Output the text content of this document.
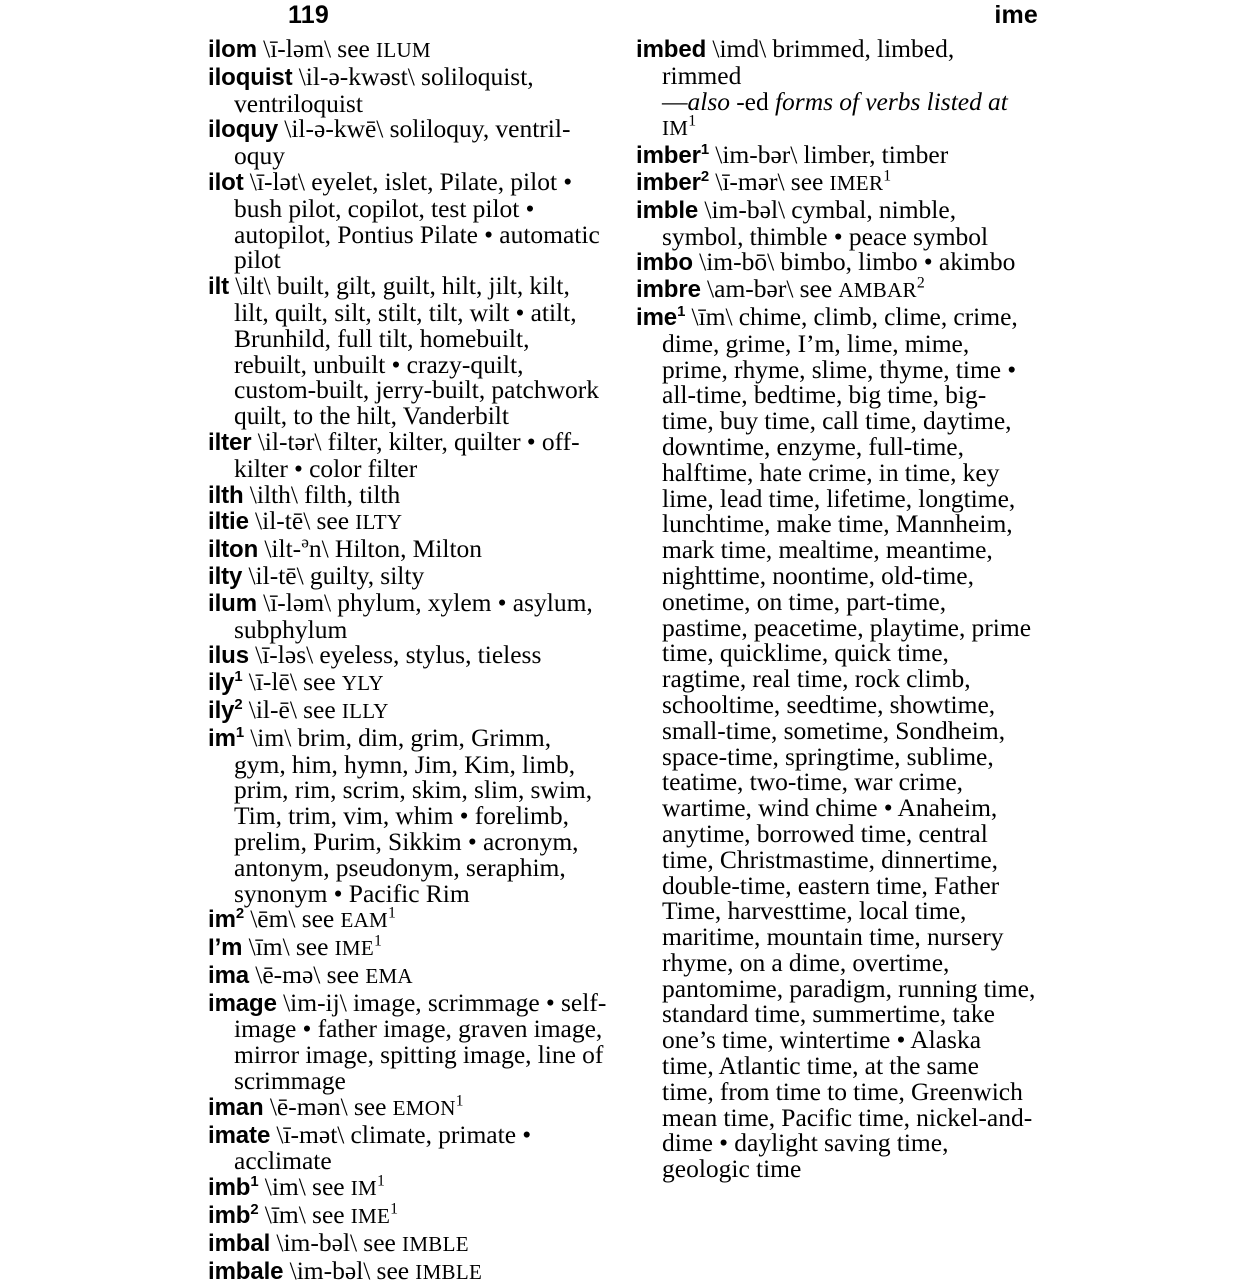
119	ime

ilom \ī-ləm\ see ILUM

iloquist \il-ə-kwəst\ soliloquist, ventriloquist

iloquy \il-ə-kwē\ soliloquy, ventril-oquy

ilot \ī-lət\ eyelet, islet, Pilate, pilot • bush pilot, copilot, test pilot • autopilot, Pontius Pilate • automatic pilot

ilt \ilt\ built, gilt, guilt, hilt, jilt, kilt, lilt, quilt, silt, stilt, tilt, wilt • atilt, Brunhild, full tilt, homebuilt, rebuilt, unbuilt • crazy-quilt, custom-built, jerry-built, patchwork quilt, to the hilt, Vanderbilt

ilter \il-tər\ filter, kilter, quilter • off-kilter • color filter

ilth \ilth\ filth, tilth

iltie \il-tē\ see ILTY

ilton \ilt-$^ə$n\ Hilton, Milton

ilty \il-tē\ guilty, silty

ilum \ī-ləm\ phylum, xylem • asylum, subphylum

ilus \ī-ləs\ eyeless, stylus, tieless

ily$^1$ \ī-lē\ see YLY

ily$^2$ \il-ē\ see ILLY

$im^1$ \im\ brim, dim, grim, Grimm, gym, him, hymn, Jim, Kim, limb, prim, rim, scrim, skim, slim, swim, Tim, trim, vim, whim • forelimb, prelim, Purim, Sikkim • acronym, antonym, pseudonym, seraphim, synonym • Pacific Rim

$im^2$ \ēm\ see EAM$^1$

I’m \īm\ see IME$^1$

ima \ē-mə\ see EMA

image \im-ij\ image, scrimmage • self-image • father image, graven image, mirror image, spitting image, line of scrimmage

iman \ē-mən\ see EMON$^1$

imate \ī-mət\ climate, primate • acclimate

imb$^1$ \im\ see $IM^1$

imb$^2$ \īm\ see IME$^1$

imbal \im-bəl\ see IMBLE

imbale \im-bəl\ see IMBLE

imbed \imd\ brimmed, limbed, rimmed
—also -ed forms of verbs listed at $IM^1$

imber$^1$ \im-bər\ limber, timber

imber$^2$ \ī-mər\ see IMER$^1$

imble \im-bəl\ cymbal, nimble, symbol, thimble • peace symbol

imbo \im-bō\ bimbo, limbo • akimbo

imbre \am-bər\ see AMBAR$^2$

ime$^1$ \īm\ chime, climb, clime, crime, dime, grime, I’m, lime, mime, prime, rhyme, slime, thyme, time • all-time, bedtime, big time, big-time, buy time, call time, daytime, downtime, enzyme, full-time, halftime, hate crime, in time, key lime, lead time, lifetime, longtime, lunchtime, make time, Mannheim, mark time, mealtime, meantime, nighttime, noontime, old-time, onetime, on time, part-time, pastime, peacetime, playtime, prime time, quicklime, quick time, ragtime, real time, rock climb, schooltime, seedtime, showtime, small-time, sometime, Sondheim, space-time, springtime, sublime, teatime, two-time, war crime, wartime, wind chime • Anaheim, anytime, borrowed time, central time, Christmastime, dinnertime, double-time, eastern time, Father Time, harvesttime, local time, maritime, mountain time, nursery rhyme, on a dime, overtime, pantomime, paradigm, running time, standard time, summertime, take one’s time, wintertime • Alaska time, Atlantic time, at the same time, from time to time, Greenwich mean time, Pacific time, nickel-and-dime • daylight saving time, geologic time
